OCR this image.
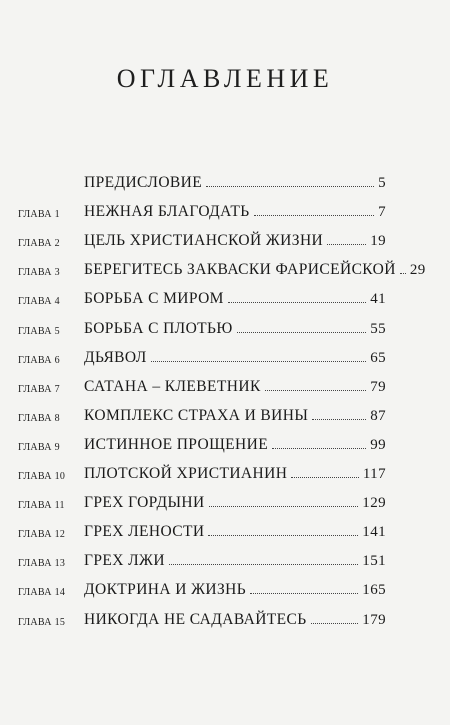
ОГЛАВЛЕНИЕ
ПРЕДИСЛОВИЕ	5
ГЛАВА 1 НЕЖНАЯ БЛАГОДАТЬ	7
ГЛАВА 2 ЦЕЛЬ ХРИСТИАНСКОЙ ЖИЗНИ	19
ГЛАВА 3 БЕРЕГИТЕСЬ ЗАКВАСКИ ФАРИСЕЙСКОЙ 29
ГЛАВА 4 БОРЬБА С МИРОМ	41
ГЛАВА 5 БОРЬБА С ПЛОТЬЮ	55
ГЛАВА 6 ДЬЯВОЛ	65
ГЛАВА 7 САТАНА – КЛЕВЕТНИК	79
ГЛАВА 8 КОМПЛЕКС СТРАХА И ВИНЫ	87
ГЛАВА 9 ИСТИННОЕ ПРОЩЕНИЕ	99
ГЛАВА 10 ПЛОТСКОЙ ХРИСТИАНИН	117
ГЛАВА 11 ГРЕХ ГОРДЫНИ	129
ГЛАВА 12 ГРЕХ ЛЕНОСТИ	141
ГЛАВА 13 ГРЕХ ЛЖИ	151
ГЛАВА 14 ДОКТРИНА И ЖИЗНЬ	165
ГЛАВА 15 НИКОГДА НЕ САДАВАЙТЕСЬ	179
